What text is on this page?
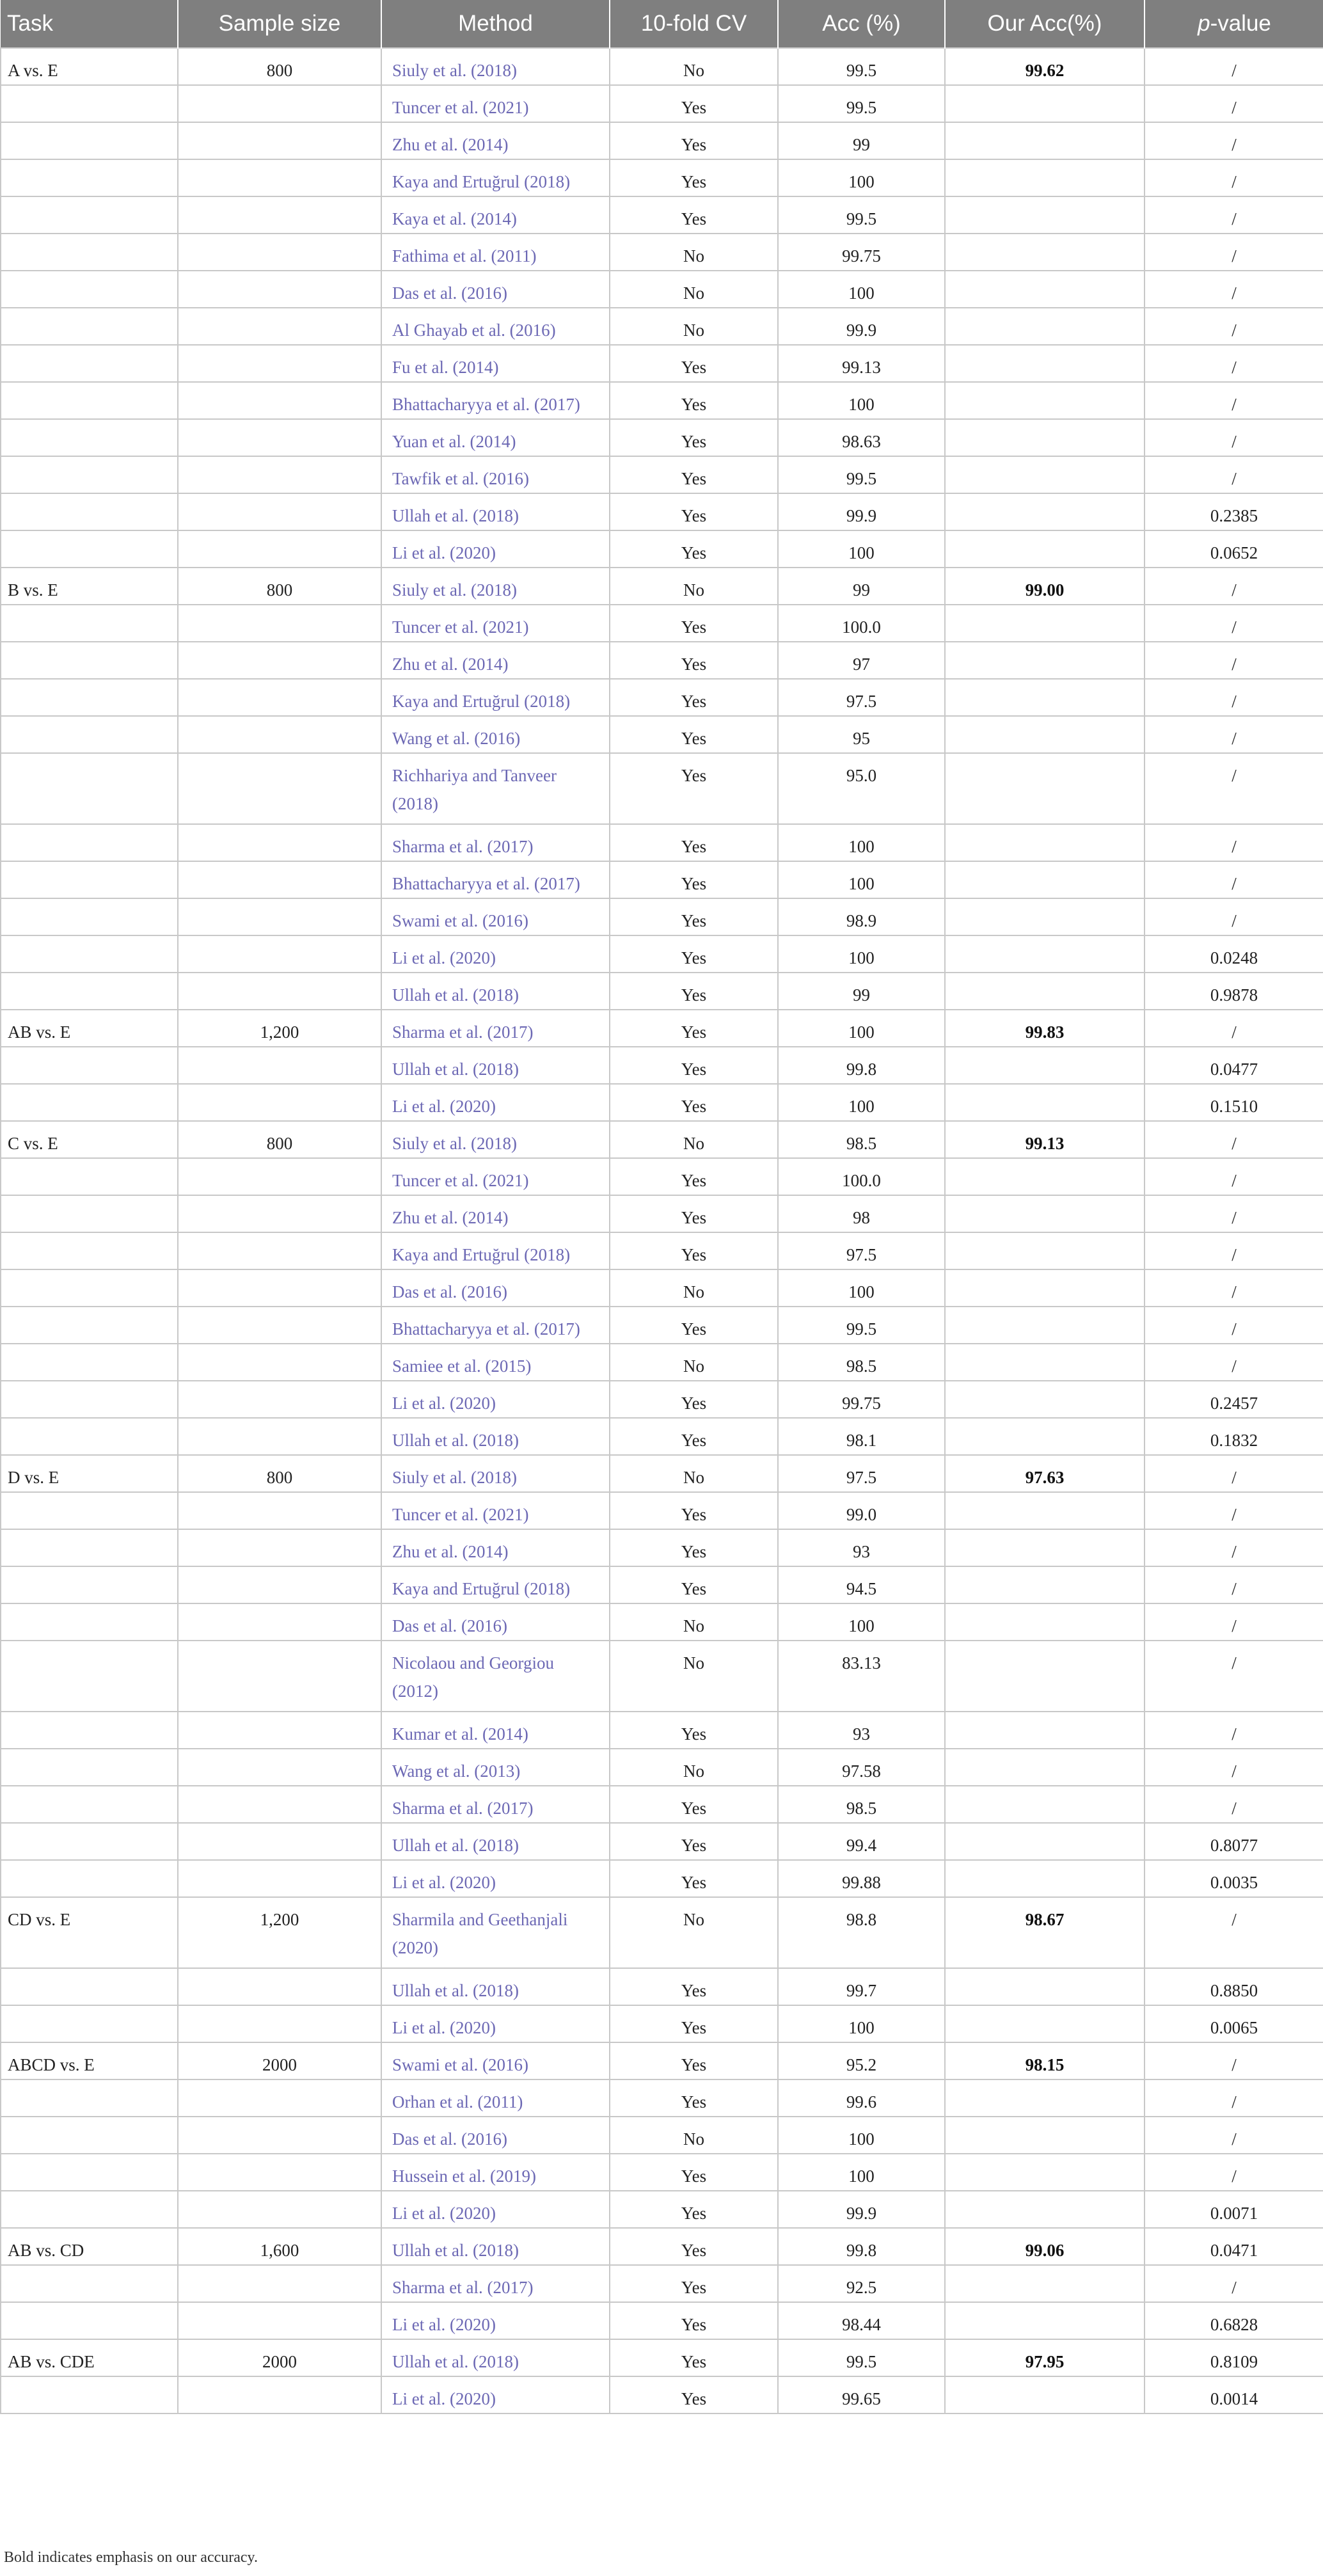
Task	Sample size	Method	10-fold CV	Acc (%)	Our Acc(%)	p-value
A vs. E	800	Siuly et al. (2018)	No	99.5	99.62	/
		Tuncer et al. (2021)	Yes	99.5		/
		Zhu et al. (2014)	Yes	99		/
		Kaya and Ertuğrul (2018)	Yes	100		/
		Kaya et al. (2014)	Yes	99.5		/
		Fathima et al. (2011)	No	99.75		/
		Das et al. (2016)	No	100		/
		Al Ghayab et al. (2016)	No	99.9		/
		Fu et al. (2014)	Yes	99.13		/
		Bhattacharyya et al. (2017)	Yes	100		/
		Yuan et al. (2014)	Yes	98.63		/
		Tawfik et al. (2016)	Yes	99.5		/
		Ullah et al. (2018)	Yes	99.9		0.2385
		Li et al. (2020)	Yes	100		0.0652
B vs. E	800	Siuly et al. (2018)	No	99	99.00	/
		Tuncer et al. (2021)	Yes	100.0		/
		Zhu et al. (2014)	Yes	97		/
		Kaya and Ertuğrul (2018)	Yes	97.5		/
		Wang et al. (2016)	Yes	95		/
		Richhariya and Tanveer (2018)	Yes	95.0		/
		Sharma et al. (2017)	Yes	100		/
		Bhattacharyya et al. (2017)	Yes	100		/
		Swami et al. (2016)	Yes	98.9		/
		Li et al. (2020)	Yes	100		0.0248
		Ullah et al. (2018)	Yes	99		0.9878
AB vs. E	1,200	Sharma et al. (2017)	Yes	100	99.83	/
		Ullah et al. (2018)	Yes	99.8		0.0477
		Li et al. (2020)	Yes	100		0.1510
C vs. E	800	Siuly et al. (2018)	No	98.5	99.13	/
		Tuncer et al. (2021)	Yes	100.0		/
		Zhu et al. (2014)	Yes	98		/
		Kaya and Ertuğrul (2018)	Yes	97.5		/
		Das et al. (2016)	No	100		/
		Bhattacharyya et al. (2017)	Yes	99.5		/
		Samiee et al. (2015)	No	98.5		/
		Li et al. (2020)	Yes	99.75		0.2457
		Ullah et al. (2018)	Yes	98.1		0.1832
D vs. E	800	Siuly et al. (2018)	No	97.5	97.63	/
		Tuncer et al. (2021)	Yes	99.0		/
		Zhu et al. (2014)	Yes	93		/
		Kaya and Ertuğrul (2018)	Yes	94.5		/
		Das et al. (2016)	No	100		/
		Nicolaou and Georgiou (2012)	No	83.13		/
		Kumar et al. (2014)	Yes	93		/
		Wang et al. (2013)	No	97.58		/
		Sharma et al. (2017)	Yes	98.5		/
		Ullah et al. (2018)	Yes	99.4		0.8077
		Li et al. (2020)	Yes	99.88		0.0035
CD vs. E	1,200	Sharmila and Geethanjali (2020)	No	98.8	98.67	/
		Ullah et al. (2018)	Yes	99.7		0.8850
		Li et al. (2020)	Yes	100		0.0065
ABCD vs. E	2000	Swami et al. (2016)	Yes	95.2	98.15	/
		Orhan et al. (2011)	Yes	99.6		/
		Das et al. (2016)	No	100		/
		Hussein et al. (2019)	Yes	100		/
		Li et al. (2020)	Yes	99.9		0.0071
AB vs. CD	1,600	Ullah et al. (2018)	Yes	99.8	99.06	0.0471
		Sharma et al. (2017)	Yes	92.5		/
		Li et al. (2020)	Yes	98.44		0.6828
AB vs. CDE	2000	Ullah et al. (2018)	Yes	99.5	97.95	0.8109
		Li et al. (2020)	Yes	99.65		0.0014
Bold indicates emphasis on our accuracy.
